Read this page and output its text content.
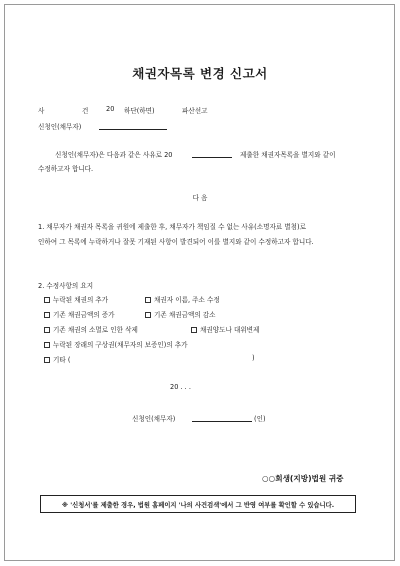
채권자목록 변경 신고서
사	건	20 하단(하면)	파산선고
신청인(채무자)
신청인(채무자)은 다음과 같은 사유로 20	제출한 채권자목록을 별지와 같이
수정하고자 합니다.
다 음
1. 채무자가 채권자 목록을 귀원에 제출한 후, 채무자가 책임질 수 없는 사유(소명자료 별첨)로
인하여 그 목록에 누락하거나 잘못 기재된 사항이 발견되어 이를 별지와 같이 수정하고자 합니다.
2. 수정사항의 요지
누락된 채권의 추가	채권자 이름, 주소 수정
기존 채권금액의 증가	기존 채권금액의 감소
기존 채권의 소멸로 인한 삭제	채권양도나 대위변제
누락된 장래의 구상권(채무자의 보증인)의 추가
기타 (	)
20 . . .
신청인(채무자)	(인)
○○회생(지방)법원 귀중
※ '신청서'를 제출한 경우, 법원 홈페이지 '나의 사건검색'에서 그 반영 여부를 확인할 수 있습니다.
